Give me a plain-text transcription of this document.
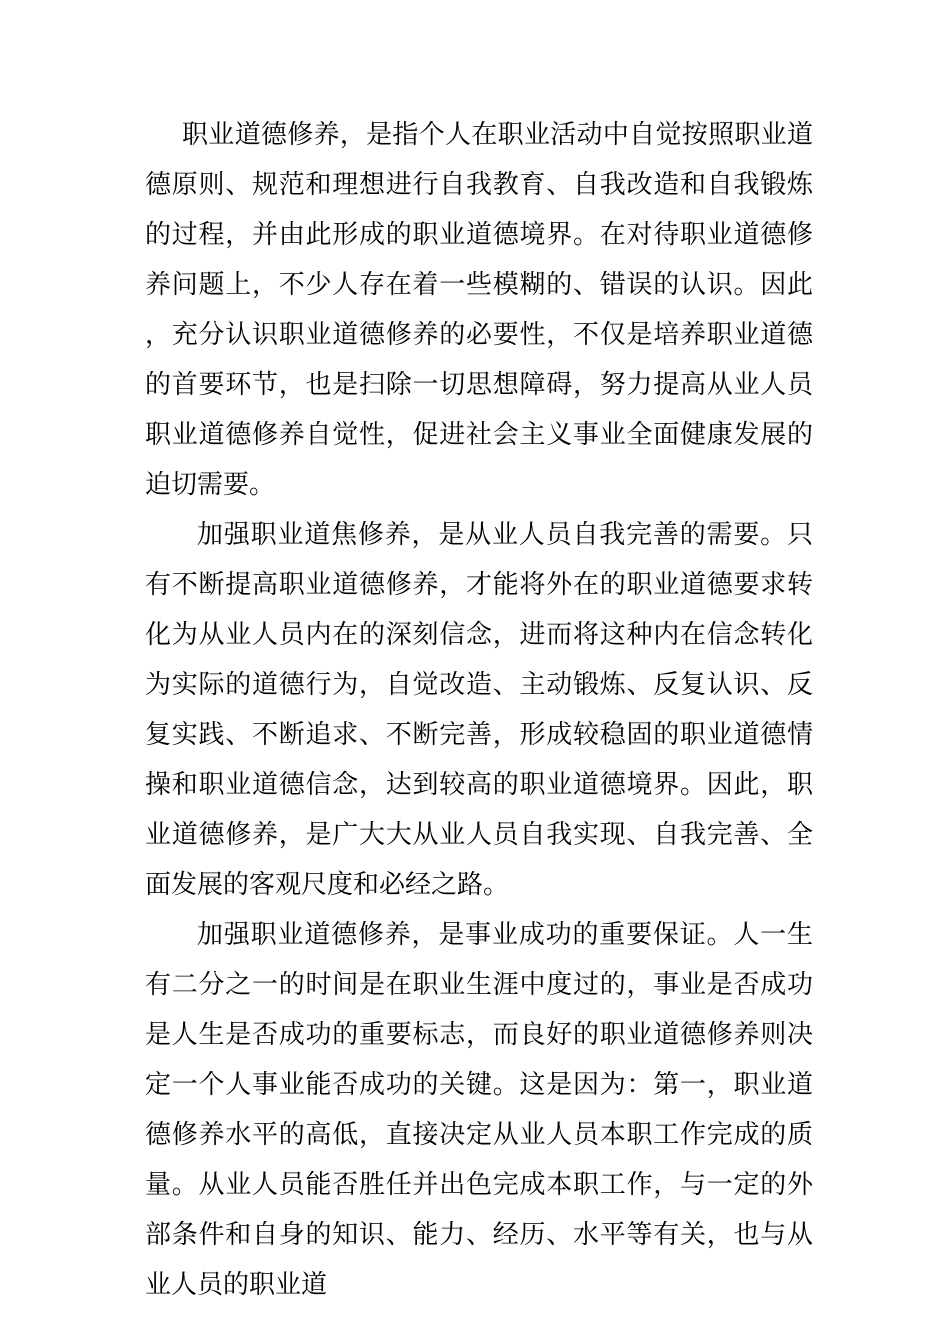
职业道德修养，是指个人在职业活动中自觉按照职业道德原则、规范和理想进行自我教育、自我改造和自我锻炼的过程，并由此形成的职业道德境界。在对待职业道德修养问题上，不少人存在着一些模糊的、错误的认识。因此，充分认识职业道德修养的必要性，不仅是培养职业道德的首要环节，也是扫除一切思想障碍，努力提高从业人员职业道德修养自觉性，促进社会主义事业全面健康发展的迫切需要。

加强职业道焦修养，是从业人员自我完善的需要。只有不断提高职业道德修养，才能将外在的职业道德要求转化为从业人员内在的深刻信念，进而将这种内在信念转化为实际的道德行为，自觉改造、主动锻炼、反复认识、反复实践、不断追求、不断完善，形成较稳固的职业道德情操和职业道德信念，达到较高的职业道德境界。因此，职业道德修养，是广大大从业人员自我实现、自我完善、全面发展的客观尺度和必经之路。

加强职业道德修养，是事业成功的重要保证。人一生有二分之一的时间是在职业生涯中度过的，事业是否成功是人生是否成功的重要标志，而良好的职业道德修养则决定一个人事业能否成功的关键。这是因为：第一，职业道德修养水平的高低，直接决定从业人员本职工作完成的质量。从业人员能否胜任并出色完成本职工作，与一定的外部条件和自身的知识、能力、经历、水平等有关，也与从业人员的职业道
